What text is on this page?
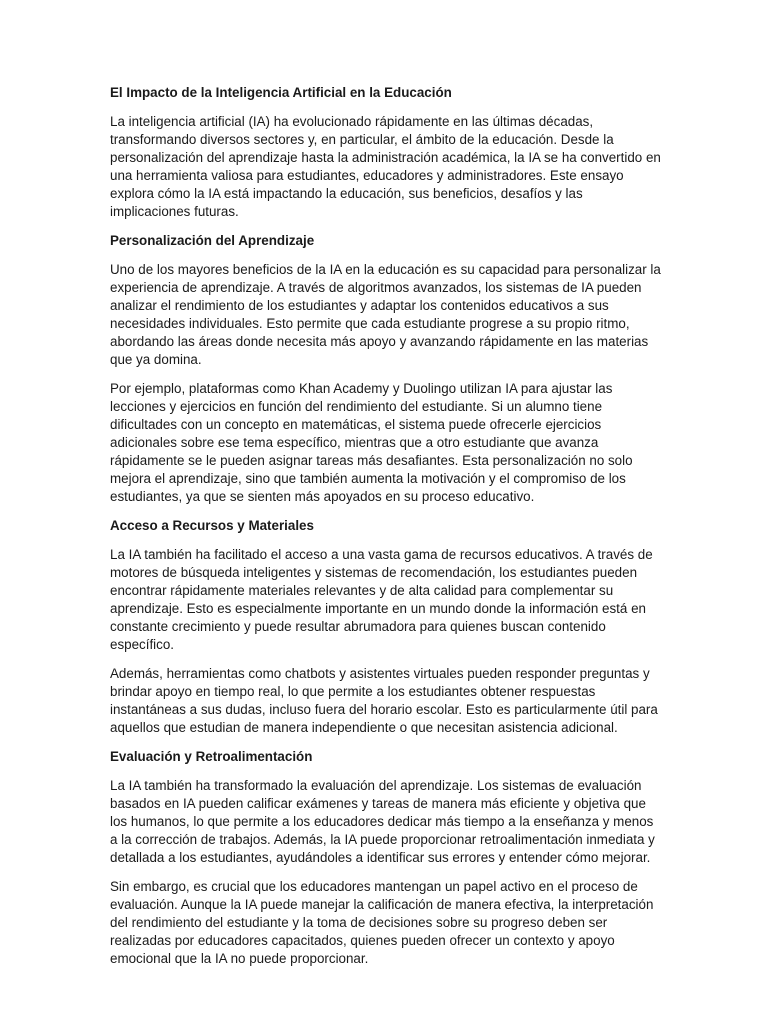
El Impacto de la Inteligencia Artificial en la Educación

La inteligencia artificial (IA) ha evolucionado rápidamente en las últimas décadas, transformando diversos sectores y, en particular, el ámbito de la educación. Desde la personalización del aprendizaje hasta la administración académica, la IA se ha convertido en una herramienta valiosa para estudiantes, educadores y administradores. Este ensayo explora cómo la IA está impactando la educación, sus beneficios, desafíos y las implicaciones futuras.

Personalización del Aprendizaje

Uno de los mayores beneficios de la IA en la educación es su capacidad para personalizar la experiencia de aprendizaje. A través de algoritmos avanzados, los sistemas de IA pueden analizar el rendimiento de los estudiantes y adaptar los contenidos educativos a sus necesidades individuales. Esto permite que cada estudiante progrese a su propio ritmo, abordando las áreas donde necesita más apoyo y avanzando rápidamente en las materias que ya domina.

Por ejemplo, plataformas como Khan Academy y Duolingo utilizan IA para ajustar las lecciones y ejercicios en función del rendimiento del estudiante. Si un alumno tiene dificultades con un concepto en matemáticas, el sistema puede ofrecerle ejercicios adicionales sobre ese tema específico, mientras que a otro estudiante que avanza rápidamente se le pueden asignar tareas más desafiantes. Esta personalización no solo mejora el aprendizaje, sino que también aumenta la motivación y el compromiso de los estudiantes, ya que se sienten más apoyados en su proceso educativo.

Acceso a Recursos y Materiales

La IA también ha facilitado el acceso a una vasta gama de recursos educativos. A través de motores de búsqueda inteligentes y sistemas de recomendación, los estudiantes pueden encontrar rápidamente materiales relevantes y de alta calidad para complementar su aprendizaje. Esto es especialmente importante en un mundo donde la información está en constante crecimiento y puede resultar abrumadora para quienes buscan contenido específico.

Además, herramientas como chatbots y asistentes virtuales pueden responder preguntas y brindar apoyo en tiempo real, lo que permite a los estudiantes obtener respuestas instantáneas a sus dudas, incluso fuera del horario escolar. Esto es particularmente útil para aquellos que estudian de manera independiente o que necesitan asistencia adicional.

Evaluación y Retroalimentación

La IA también ha transformado la evaluación del aprendizaje. Los sistemas de evaluación basados en IA pueden calificar exámenes y tareas de manera más eficiente y objetiva que los humanos, lo que permite a los educadores dedicar más tiempo a la enseñanza y menos a la corrección de trabajos. Además, la IA puede proporcionar retroalimentación inmediata y detallada a los estudiantes, ayudándoles a identificar sus errores y entender cómo mejorar.

Sin embargo, es crucial que los educadores mantengan un papel activo en el proceso de evaluación. Aunque la IA puede manejar la calificación de manera efectiva, la interpretación del rendimiento del estudiante y la toma de decisiones sobre su progreso deben ser realizadas por educadores capacitados, quienes pueden ofrecer un contexto y apoyo emocional que la IA no puede proporcionar.
